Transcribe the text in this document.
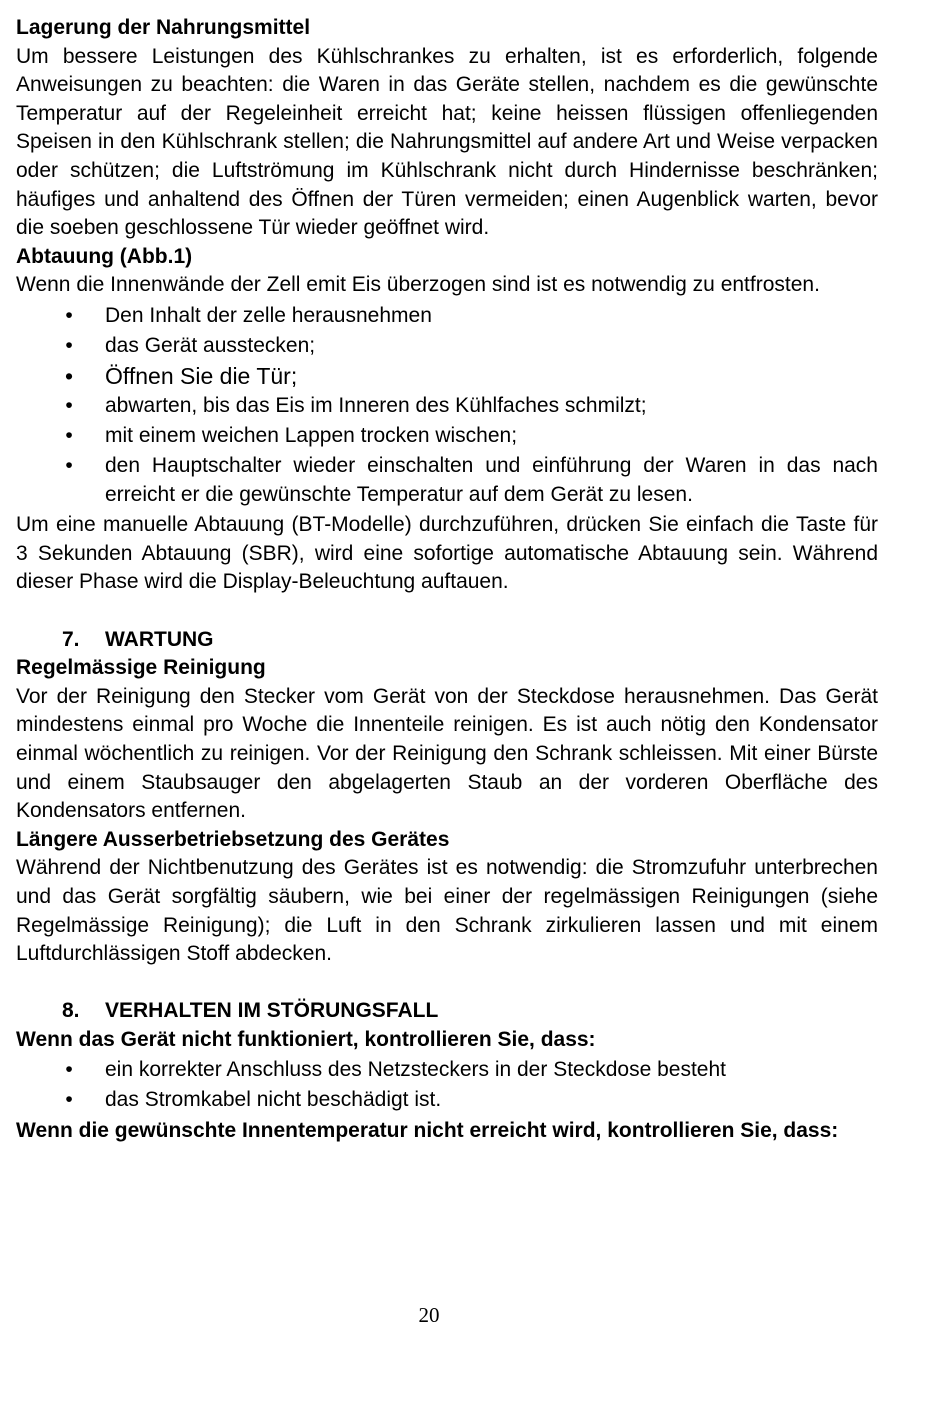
Lagerung der Nahrungsmittel

Um bessere Leistungen des Kühlschrankes zu erhalten, ist es erforderlich, folgende Anweisungen zu beachten: die Waren in das Geräte stellen, nachdem es die gewünschte Temperatur auf der Regeleinheit erreicht hat; keine heissen flüssigen offenliegenden Speisen in den Kühlschrank stellen; die Nahrungsmittel auf andere Art und Weise verpacken oder schützen; die Luftströmung im Kühlschrank nicht durch Hindernisse beschränken; häufiges und anhaltend des Öffnen der Türen vermeiden; einen Augenblick warten, bevor die soeben geschlossene Tür wieder geöffnet wird.

Abtauung (Abb.1)

Wenn die Innenwände der Zell emit Eis überzogen sind ist es notwendig zu entfrosten.

• Den Inhalt der zelle herausnehmen
• das Gerät ausstecken;
• Öffnen Sie die Tür;
• abwarten, bis das Eis im Inneren des Kühlfaches schmilzt;
• mit einem weichen Lappen trocken wischen;
• den Hauptschalter wieder einschalten und einführung der Waren in das nach erreicht er die gewünschte Temperatur auf dem Gerät zu lesen.

Um eine manuelle Abtauung (BT-Modelle) durchzuführen, drücken Sie einfach die Taste für 3 Sekunden Abtauung (SBR), wird eine sofortige automatische Abtauung sein. Während dieser Phase wird die Display-Beleuchtung auftauen.

7. WARTUNG
Regelmässige Reinigung

Vor der Reinigung den Stecker vom Gerät von der Steckdose herausnehmen. Das Gerät mindestens einmal pro Woche die Innenteile reinigen. Es ist auch nötig den Kondensator einmal wöchentlich zu reinigen. Vor der Reinigung den Schrank schleissen. Mit einer Bürste und einem Staubsauger den abgelagerten Staub an der vorderen Oberfläche des Kondensators entfernen.

Längere Ausserbetriebsetzung des Gerätes

Während der Nichtbenutzung des Gerätes ist es notwendig: die Stromzufuhr unterbrechen und das Gerät sorgfältig säubern, wie bei einer der regelmässigen Reinigungen (siehe Regelmässige Reinigung); die Luft in den Schrank zirkulieren lassen und mit einem Luftdurchlässigen Stoff abdecken.

8. VERHALTEN IM STÖRUNGSFALL
Wenn das Gerät nicht funktioniert, kontrollieren Sie, dass:
• ein korrekter Anschluss des Netzsteckers in der Steckdose besteht
• das Stromkabel nicht beschädigt ist.
Wenn die gewünschte Innentemperatur nicht erreicht wird, kontrollieren Sie, dass:
20
